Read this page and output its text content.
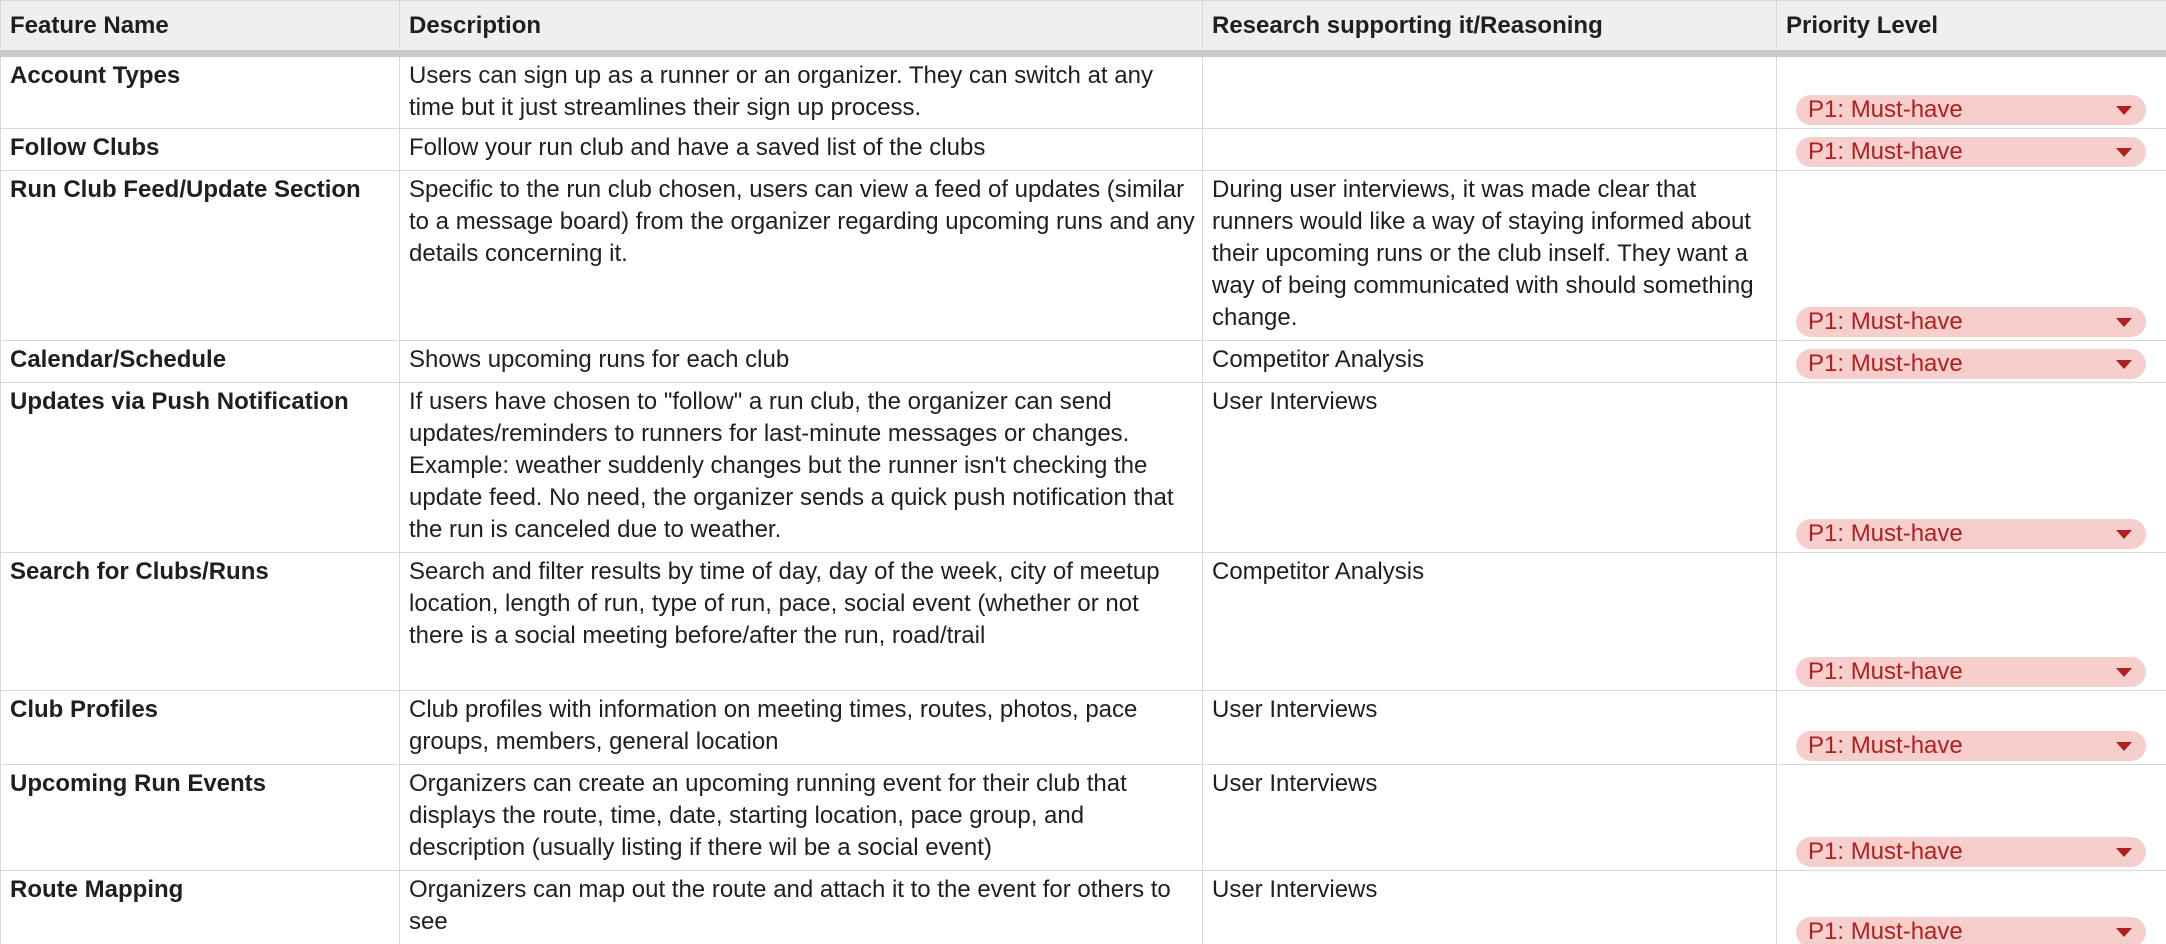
Feature Name	Description	Research supporting it/Reasoning	Priority Level
Account Types	Users can sign up as a runner or an organizer. They can switch at any time but it just streamlines their sign up process.		P1: Must-have

Follow Clubs	Follow your run club and have a saved list of the clubs		P1: Must-have

Run Club Feed/Update Section	Specific to the run club chosen, users can view a feed of updates (similar to a message board) from the organizer regarding upcoming runs and any details concerning it.	During user interviews, it was made clear that runners would like a way of staying informed about their upcoming runs or the club inself. They want a way of being communicated with should something change.	P1: Must-have

Calendar/Schedule	Shows upcoming runs for each club	Competitor Analysis	P1: Must-have

Updates via Push Notification	If users have chosen to "follow" a run club, the organizer can send updates/reminders to runners for last-minute messages or changes. Example: weather suddenly changes but the runner isn't checking the update feed. No need, the organizer sends a quick push notification that the run is canceled due to weather.	User Interviews	P1: Must-have

Search for Clubs/Runs	Search and filter results by time of day, day of the week, city of meetup location, length of run, type of run, pace, social event (whether or not there is a social meeting before/after the run, road/trail	Competitor Analysis	P1: Must-have

Club Profiles	Club profiles with information on meeting times, routes, photos, pace groups, members, general location	User Interviews	P1: Must-have

Upcoming Run Events	Organizers can create an upcoming running event for their club that displays the route, time, date, starting location, pace group, and description (usually listing if there wil be a social event)	User Interviews	P1: Must-have

Route Mapping	Organizers can map out the route and attach it to the event for others to see	User Interviews	P1: Must-have
